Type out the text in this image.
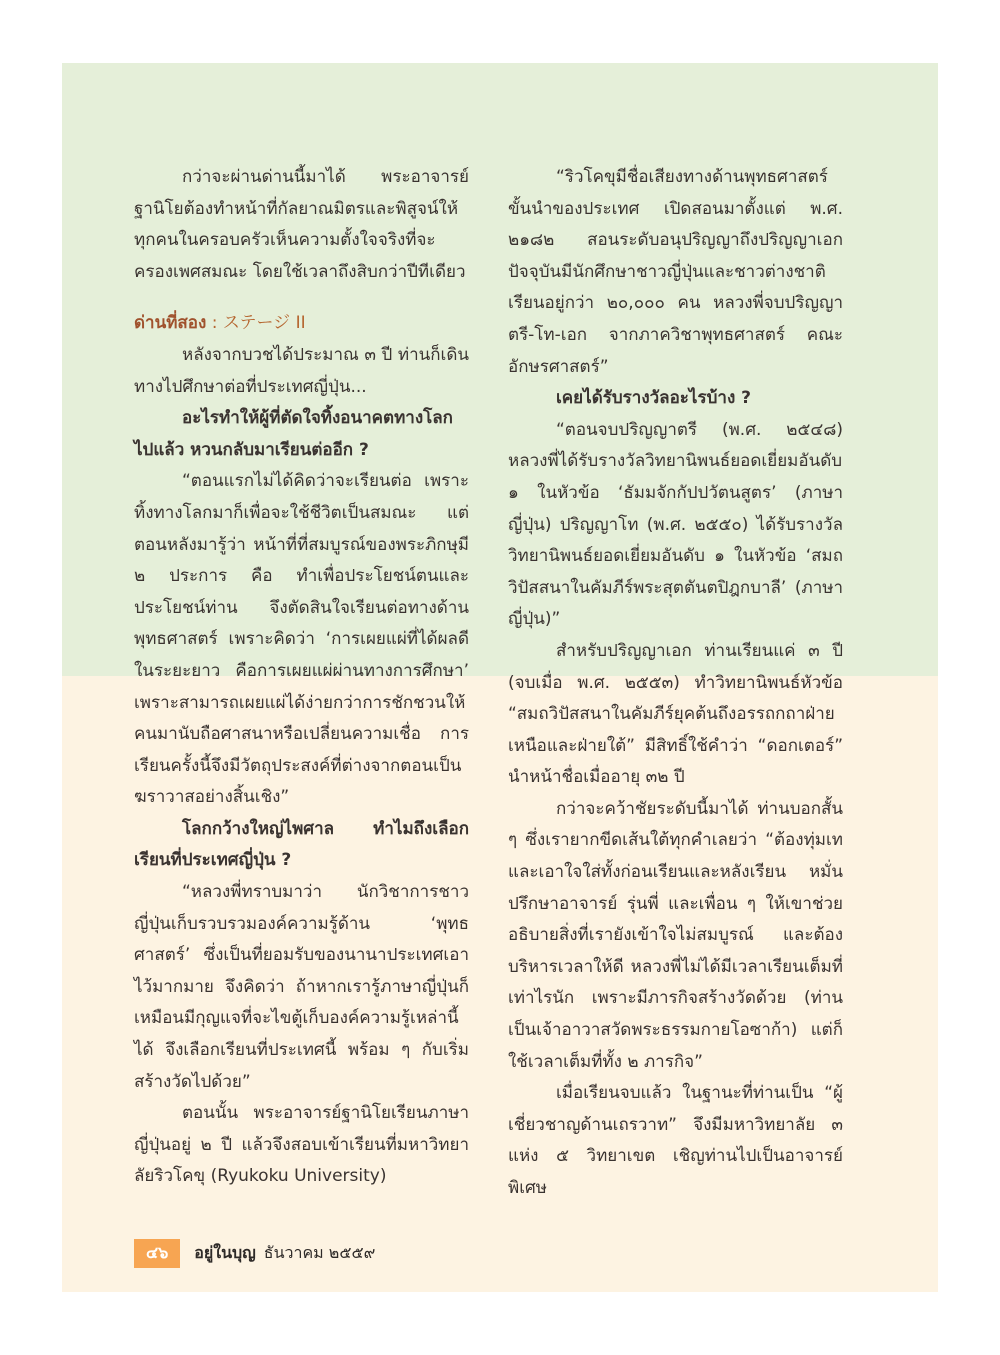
กว่าจะผ่านด่านนี้มาได้ พระอาจารย์ฐานิโยต้องทำหน้าที่กัลยาณมิตรและพิสูจน์ให้ทุกคนในครอบครัวเห็นความตั้งใจจริงที่จะครองเพศสมณะ โดยใช้เวลาถึงสิบกว่าปีทีเดียว

ด่านที่สอง : ステージ II

หลังจากบวชได้ประมาณ ๓ ปี ท่านก็เดินทางไปศึกษาต่อที่ประเทศญี่ปุ่น...

อะไรทำให้ผู้ที่ตัดใจทิ้งอนาคตทางโลกไปแล้ว หวนกลับมาเรียนต่ออีก ?

“ตอนแรกไม่ได้คิดว่าจะเรียนต่อ เพราะทิ้งทางโลกมาก็เพื่อจะใช้ชีวิตเป็นสมณะ แต่ตอนหลังมารู้ว่า หน้าที่ที่สมบูรณ์ของพระภิกษุมี ๒ ประการ คือ ทำเพื่อประโยชน์ตนและประโยชน์ท่าน จึงตัดสินใจเรียนต่อทางด้านพุทธศาสตร์ เพราะคิดว่า ‘การเผยแผ่ที่ได้ผลดีในระยะยาว คือการเผยแผ่ผ่านทางการศึกษา’ เพราะสามารถเผยแผ่ได้ง่ายกว่าการชักชวนให้คนมานับถือศาสนาหรือเปลี่ยนความเชื่อ การเรียนครั้งนี้จึงมีวัตถุประสงค์ที่ต่างจากตอนเป็นฆราวาสอย่างสิ้นเชิง”

โลกกว้างใหญ่ไพศาล ทำไมถึงเลือกเรียนที่ประเทศญี่ปุ่น ?

“หลวงพี่ทราบมาว่า นักวิชาการชาวญี่ปุ่นเก็บรวบรวมองค์ความรู้ด้าน ‘พุทธศาสตร์’ ซึ่งเป็นที่ยอมรับของนานาประเทศเอาไว้มากมาย จึงคิดว่า ถ้าหากเรารู้ภาษาญี่ปุ่นก็เหมือนมีกุญแจที่จะไขตู้เก็บองค์ความรู้เหล่านี้ได้ จึงเลือกเรียนที่ประเทศนี้ พร้อม ๆ กับเริ่มสร้างวัดไปด้วย”

ตอนนั้น พระอาจารย์ฐานิโยเรียนภาษาญี่ปุ่นอยู่ ๒ ปี แล้วจึงสอบเข้าเรียนที่มหาวิทยาลัยริวโคขุ (Ryukoku University)

“ริวโคขุมีชื่อเสียงทางด้านพุทธศาสตร์ขั้นนำของประเทศ เปิดสอนมาตั้งแต่ พ.ศ. ๒๑๘๒ สอนระดับอนุปริญญาถึงปริญญาเอก ปัจจุบันมีนักศึกษาชาวญี่ปุ่นและชาวต่างชาติเรียนอยู่กว่า ๒๐,๐๐๐ คน หลวงพี่จบปริญญาตรี-โท-เอก จากภาควิชาพุทธศาสตร์ คณะอักษรศาสตร์”

เคยได้รับรางวัลอะไรบ้าง ?

“ตอนจบปริญญาตรี (พ.ศ. ๒๕๔๘) หลวงพี่ได้รับรางวัลวิทยานิพนธ์ยอดเยี่ยมอันดับ ๑ ในหัวข้อ ‘ธัมมจักกัปปวัตนสูตร’ (ภาษาญี่ปุ่น) ปริญญาโท (พ.ศ. ๒๕๕๐) ได้รับรางวัลวิทยานิพนธ์ยอดเยี่ยมอันดับ ๑ ในหัวข้อ ‘สมถวิปัสสนาในคัมภีร์พระสุตตันตปิฎกบาลี’ (ภาษาญี่ปุ่น)”

สำหรับปริญญาเอก ท่านเรียนแค่ ๓ ปี (จบเมื่อ พ.ศ. ๒๕๕๓) ทำวิทยานิพนธ์หัวข้อ “สมถวิปัสสนาในคัมภีร์ยุคต้นถึงอรรถกถาฝ่ายเหนือและฝ่ายใต้” มีสิทธิ์ใช้คำว่า “ดอกเตอร์” นำหน้าชื่อเมื่ออายุ ๓๒ ปี

กว่าจะคว้าชัยระดับนี้มาได้ ท่านบอกสั้น ๆ ซึ่งเรายากขีดเส้นใต้ทุกคำเลยว่า “ต้องทุ่มเทและเอาใจใส่ทั้งก่อนเรียนและหลังเรียน หมั่นปรึกษาอาจารย์ รุ่นพี่ และเพื่อน ๆ ให้เขาช่วยอธิบายสิ่งที่เรายังเข้าใจไม่สมบูรณ์ และต้องบริหารเวลาให้ดี หลวงพี่ไม่ได้มีเวลาเรียนเต็มที่เท่าไรนัก เพราะมีภารกิจสร้างวัดด้วย (ท่านเป็นเจ้าอาวาสวัดพระธรรมกายโอซาก้า) แต่ก็ใช้เวลาเต็มที่ทั้ง ๒ ภารกิจ”

เมื่อเรียนจบแล้ว ในฐานะที่ท่านเป็น “ผู้เชี่ยวชาญด้านเถรวาท” จึงมีมหาวิทยาลัย ๓ แห่ง ๕ วิทยาเขต เชิญท่านไปเป็นอาจารย์พิเศษ

๔๖	อยู่ในบุญ ธันวาคม ๒๕๕๙
